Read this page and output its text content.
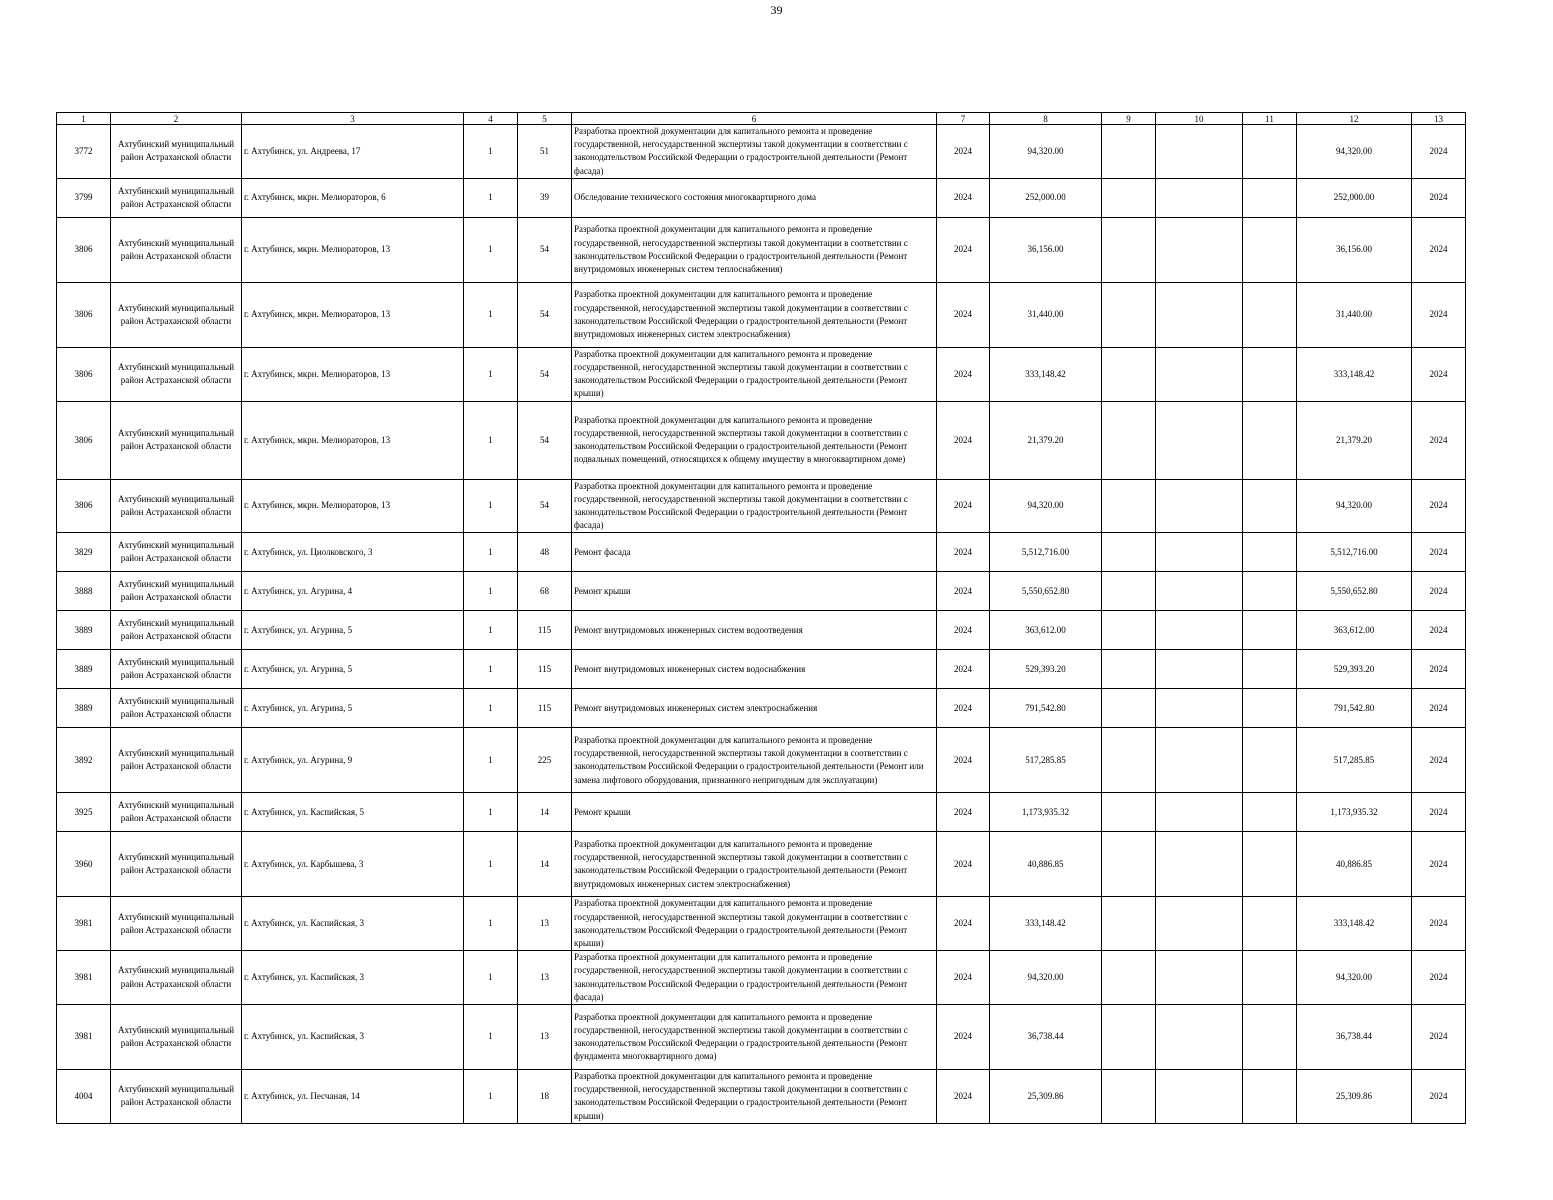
39
1	2	3	4	5	6	7	8	9	10	11	12	13
3772	Ахтубинский муниципальный район Астраханской области	г. Ахтубинск, ул. Андреева, 17	1	51	Разработка проектной документации для капитального ремонта и проведение государственной, негосударственной экспертизы такой документации в соответствии с законодательством Российской Федерации о градостроительной деятельности (Ремонт фасада)	2024	94,320.00				94,320.00	2024
3799	Ахтубинский муниципальный район Астраханской области	г. Ахтубинск, мкрн. Мелиораторов, 6	1	39	Обследование технического состояния многоквартирного дома	2024	252,000.00				252,000.00	2024
3806	Ахтубинский муниципальный район Астраханской области	г. Ахтубинск, мкрн. Мелиораторов, 13	1	54	Разработка проектной документации для капитального ремонта и проведение государственной, негосударственной экспертизы такой документации в соответствии с законодательством Российской Федерации о градостроительной деятельности (Ремонт внутридомовых инженерных систем теплоснабжения)	2024	36,156.00				36,156.00	2024
3806	Ахтубинский муниципальный район Астраханской области	г. Ахтубинск, мкрн. Мелиораторов, 13	1	54	Разработка проектной документации для капитального ремонта и проведение государственной, негосударственной экспертизы такой документации в соответствии с законодательством Российской Федерации о градостроительной деятельности (Ремонт внутридомовых инженерных систем электроснабжения)	2024	31,440.00				31,440.00	2024
3806	Ахтубинский муниципальный район Астраханской области	г. Ахтубинск, мкрн. Мелиораторов, 13	1	54	Разработка проектной документации для капитального ремонта и проведение государственной, негосударственной экспертизы такой документации в соответствии с законодательством Российской Федерации о градостроительной деятельности (Ремонт крыши)	2024	333,148.42				333,148.42	2024
3806	Ахтубинский муниципальный район Астраханской области	г. Ахтубинск, мкрн. Мелиораторов, 13	1	54	Разработка проектной документации для капитального ремонта и проведение государственной, негосударственной экспертизы такой документации в соответствии с законодательством Российской Федерации о градостроительной деятельности (Ремонт подвальных помещений, относящихся к общему имуществу в многоквартирном доме)	2024	21,379.20				21,379.20	2024
3806	Ахтубинский муниципальный район Астраханской области	г. Ахтубинск, мкрн. Мелиораторов, 13	1	54	Разработка проектной документации для капитального ремонта и проведение государственной, негосударственной экспертизы такой документации в соответствии с законодательством Российской Федерации о градостроительной деятельности (Ремонт фасада)	2024	94,320.00				94,320.00	2024
3829	Ахтубинский муниципальный район Астраханской области	г. Ахтубинск, ул. Циолковского, 3	1	48	Ремонт фасада	2024	5,512,716.00				5,512,716.00	2024
3888	Ахтубинский муниципальный район Астраханской области	г. Ахтубинск, ул. Агурина, 4	1	68	Ремонт крыши	2024	5,550,652.80				5,550,652.80	2024
3889	Ахтубинский муниципальный район Астраханской области	г. Ахтубинск, ул. Агурина, 5	1	115	Ремонт внутридомовых инженерных систем водоотведения	2024	363,612.00				363,612.00	2024
3889	Ахтубинский муниципальный район Астраханской области	г. Ахтубинск, ул. Агурина, 5	1	115	Ремонт внутридомовых инженерных систем водоснабжения	2024	529,393.20				529,393.20	2024
3889	Ахтубинский муниципальный район Астраханской области	г. Ахтубинск, ул. Агурина, 5	1	115	Ремонт внутридомовых инженерных систем электроснабжения	2024	791,542.80				791,542.80	2024
3892	Ахтубинский муниципальный район Астраханской области	г. Ахтубинск, ул. Агурина, 9	1	225	Разработка проектной документации для капитального ремонта и проведение государственной, негосударственной экспертизы такой документации в соответствии с законодательством Российской Федерации о градостроительной деятельности (Ремонт или замена лифтового оборудования, признанного непригодным для эксплуатации)	2024	517,285.85				517,285.85	2024
3925	Ахтубинский муниципальный район Астраханской области	г. Ахтубинск, ул. Каспийская, 5	1	14	Ремонт крыши	2024	1,173,935.32				1,173,935.32	2024
3960	Ахтубинский муниципальный район Астраханской области	г. Ахтубинск, ул. Карбышева, 3	1	14	Разработка проектной документации для капитального ремонта и проведение государственной, негосударственной экспертизы такой документации в соответствии с законодательством Российской Федерации о градостроительной деятельности (Ремонт внутридомовых инженерных систем электроснабжения)	2024	40,886.85				40,886.85	2024
3981	Ахтубинский муниципальный район Астраханской области	г. Ахтубинск, ул. Каспийская, 3	1	13	Разработка проектной документации для капитального ремонта и проведение государственной, негосударственной экспертизы такой документации в соответствии с законодательством Российской Федерации о градостроительной деятельности (Ремонт крыши)	2024	333,148.42				333,148.42	2024
3981	Ахтубинский муниципальный район Астраханской области	г. Ахтубинск, ул. Каспийская, 3	1	13	Разработка проектной документации для капитального ремонта и проведение государственной, негосударственной экспертизы такой документации в соответствии с законодательством Российской Федерации о градостроительной деятельности (Ремонт фасада)	2024	94,320.00				94,320.00	2024
3981	Ахтубинский муниципальный район Астраханской области	г. Ахтубинск, ул. Каспийская, 3	1	13	Разработка проектной документации для капитального ремонта и проведение государственной, негосударственной экспертизы такой документации в соответствии с законодательством Российской Федерации о градостроительной деятельности (Ремонт фундамента многоквартирного дома)	2024	36,738.44				36,738.44	2024
4004	Ахтубинский муниципальный район Астраханской области	г. Ахтубинск, ул. Песчаная, 14	1	18	Разработка проектной документации для капитального ремонта и проведение государственной, негосударственной экспертизы такой документации в соответствии с законодательством Российской Федерации о градостроительной деятельности (Ремонт крыши)	2024	25,309.86				25,309.86	2024
